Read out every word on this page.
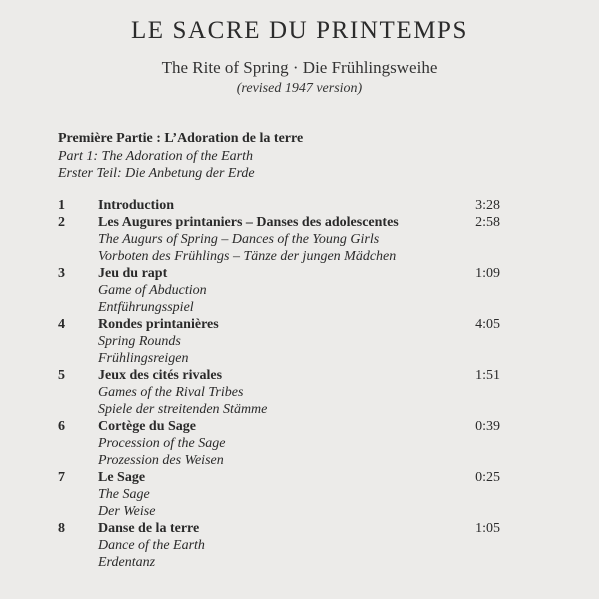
LE SACRE DU PRINTEMPS
The Rite of Spring · Die Frühlingsweihe
(revised 1947 version)
Première Partie : L’Adoration de la terre
Part 1: The Adoration of the Earth
Erster Teil: Die Anbetung der Erde
1 Introduction	3:28
2 Les Augures printaniers – Danses des adolescentes
The Augurs of Spring – Dances of the Young Girls
Vorboten des Frühlings – Tänze der jungen Mädchen
2:58
3 Jeu du rapt
Game of Abduction
Entführungsspiel
1:09
4 Rondes printanières
Spring Rounds
Frühlingsreigen
4:05
5 Jeux des cités rivales
Games of the Rival Tribes
Spiele der streitenden Stämme
1:51
6 Cortège du Sage
Procession of the Sage
Prozession des Weisen
0:39
7 Le Sage
The Sage
Der Weise
0:25
8 Danse de la terre
Dance of the Earth
Erdentanz
1:05
